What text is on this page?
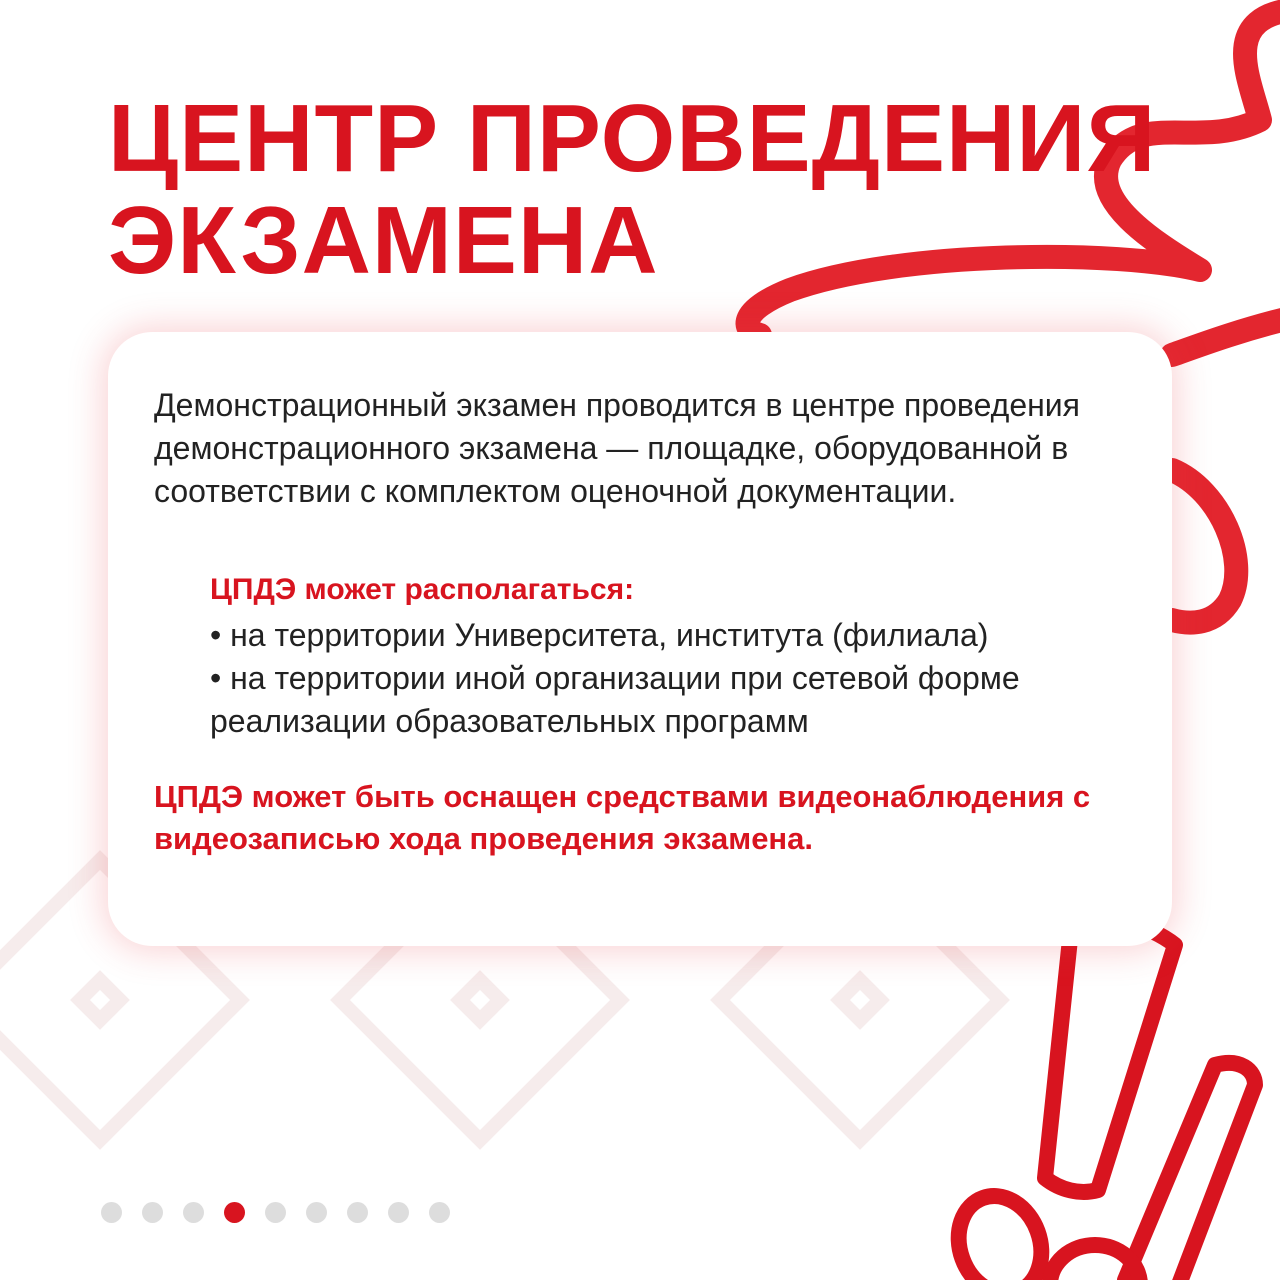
ЦЕНТР ПРОВЕДЕНИЯ
ЭКЗАМЕНА

Демонстрационный экзамен проводится в центре проведения демонстрационного экзамена — площадке, оборудованной в соответствии с комплектом оценочной документации.

ЦПДЭ может располагаться:

• на территории Университета, института (филиала)
• на территории иной организации при сетевой форме реализации образовательных программ

ЦПДЭ может быть оснащен средствами видеонаблюдения с видеозаписью хода проведения экзамена.
